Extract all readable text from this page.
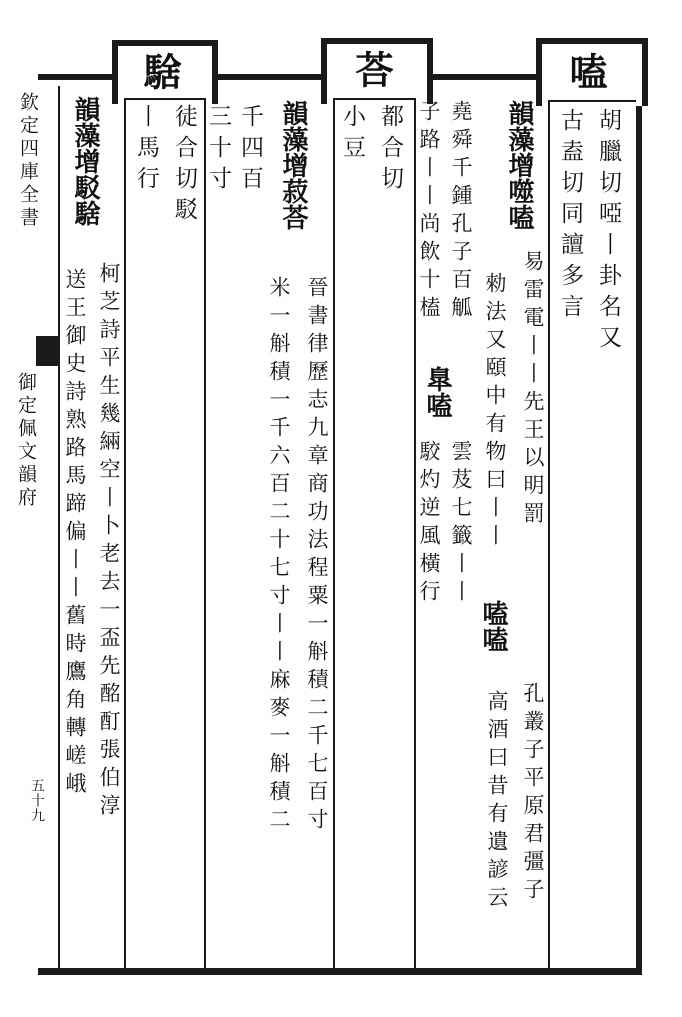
嗑
荅
騇
胡臘切啞丨卦名又
古盍切同譠多言
韻藻增噬嗑
易雷電丨丨先王以明罰
孔叢子平原君彊子
勑法又頤中有物曰丨丨
嗑嗑
高酒曰昔有遺諺云
堯舜千鍾孔子百觚
子路丨丨尚飲十榼
臯嗑
雲芨七籤丨丨
駮灼逆風橫行
都合切
小豆
韻藻增菽荅
晉書律歷志九章商功法程粟一斛積二千七百寸
米一斛積一千六百二十七寸丨丨麻麥一斛積二
千四百
三十寸
徒合切駁
丨馬行
韻藻增駁騇
柯芝詩平生幾緉空丨卜老去一盃先酩酊張伯淳
送王御史詩熟路馬蹄偏丨丨舊時鷹角轉嵯峨
欽定四庫全書
御定佩文韻府
五十九
